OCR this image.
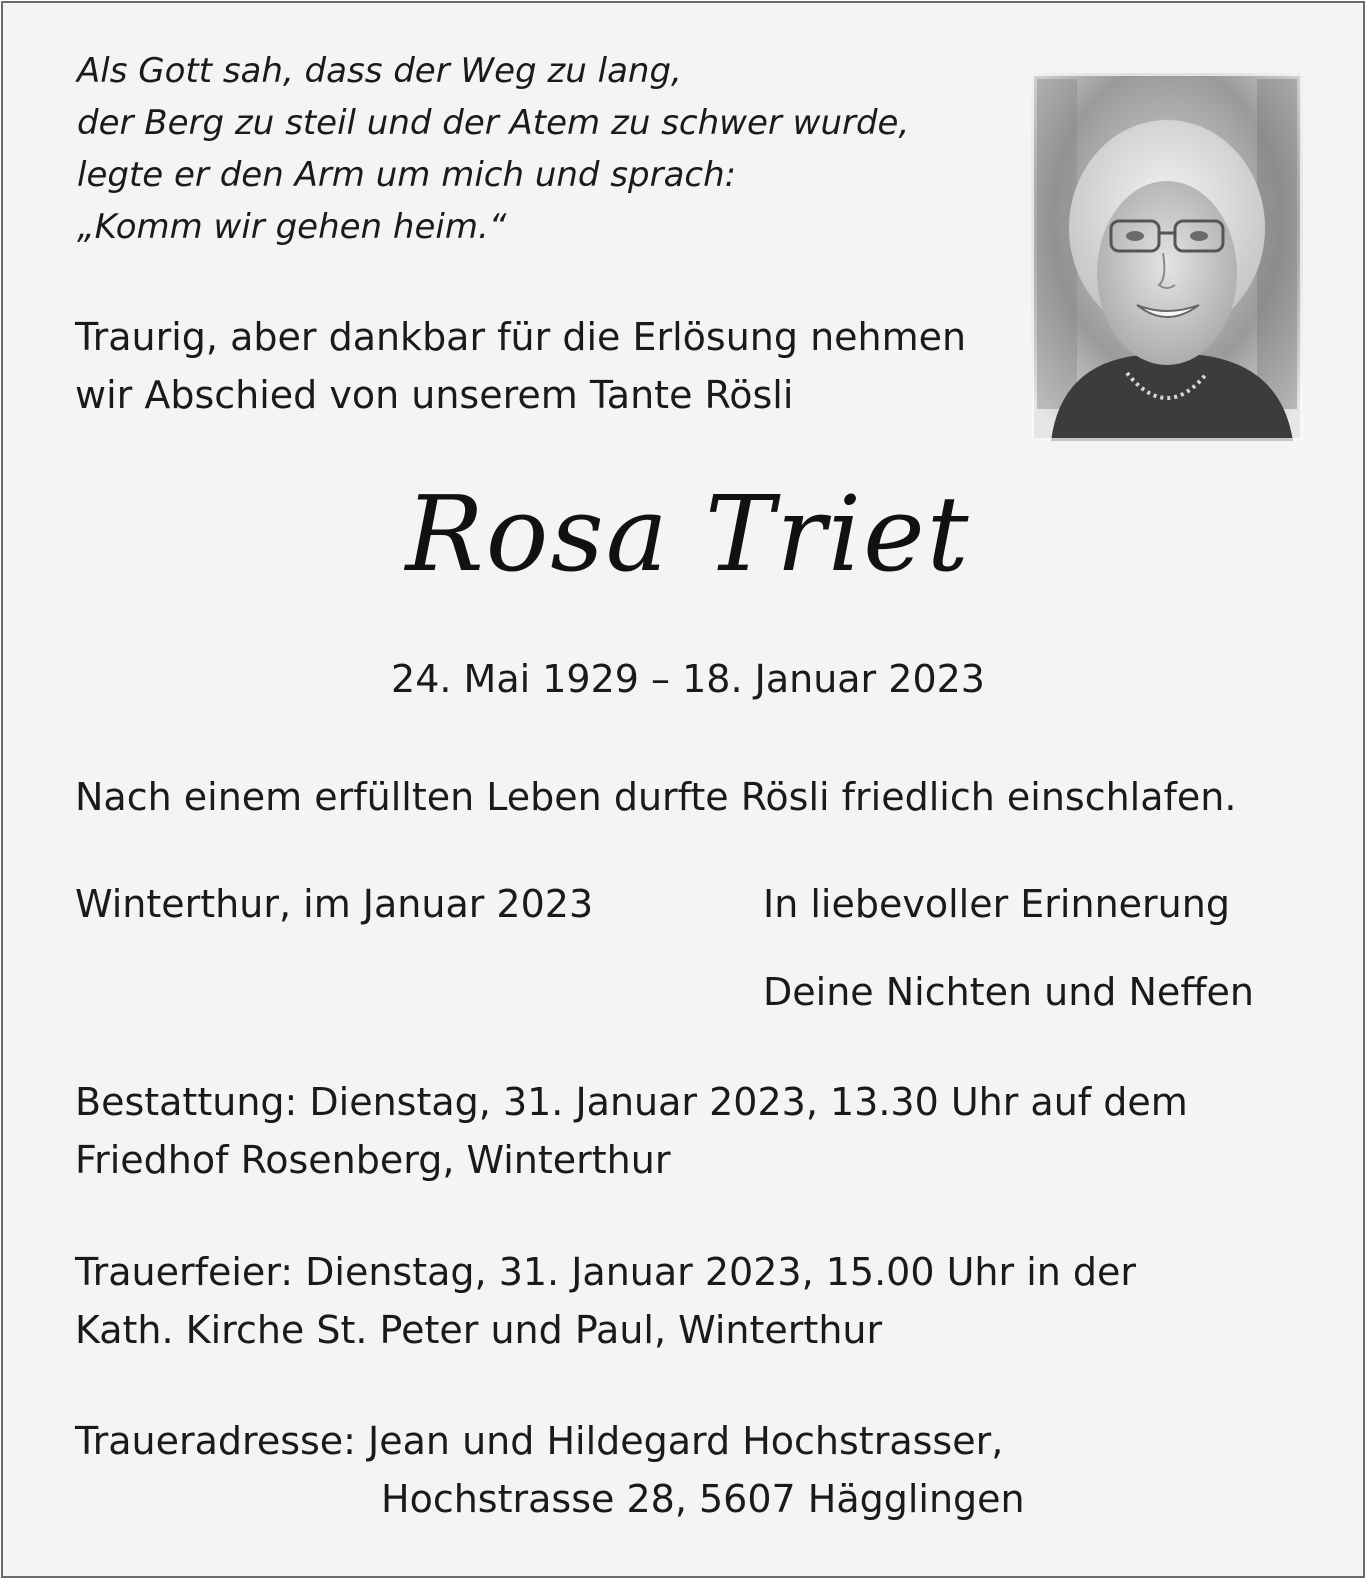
Als Gott sah, dass der Weg zu lang,
der Berg zu steil und der Atem zu schwer wurde,
legte er den Arm um mich und sprach:
„Komm wir gehen heim.“
Traurig, aber dankbar für die Erlösung nehmen
wir Abschied von unserem Tante Rösli
Rosa Triet
24. Mai 1929 – 18. Januar 2023
Nach einem erfüllten Leben durfte Rösli friedlich einschlafen.
Winterthur, im Januar 2023	In liebevoller Erinnerung
Deine Nichten und Neffen
Bestattung: Dienstag, 31. Januar 2023, 13.30 Uhr auf dem
Friedhof Rosenberg, Winterthur
Trauerfeier: Dienstag, 31. Januar 2023, 15.00 Uhr in der
Kath. Kirche St. Peter und Paul, Winterthur
Traueradresse: Jean und Hildegard Hochstrasser,
Hochstrasse 28, 5607 Hägglingen
